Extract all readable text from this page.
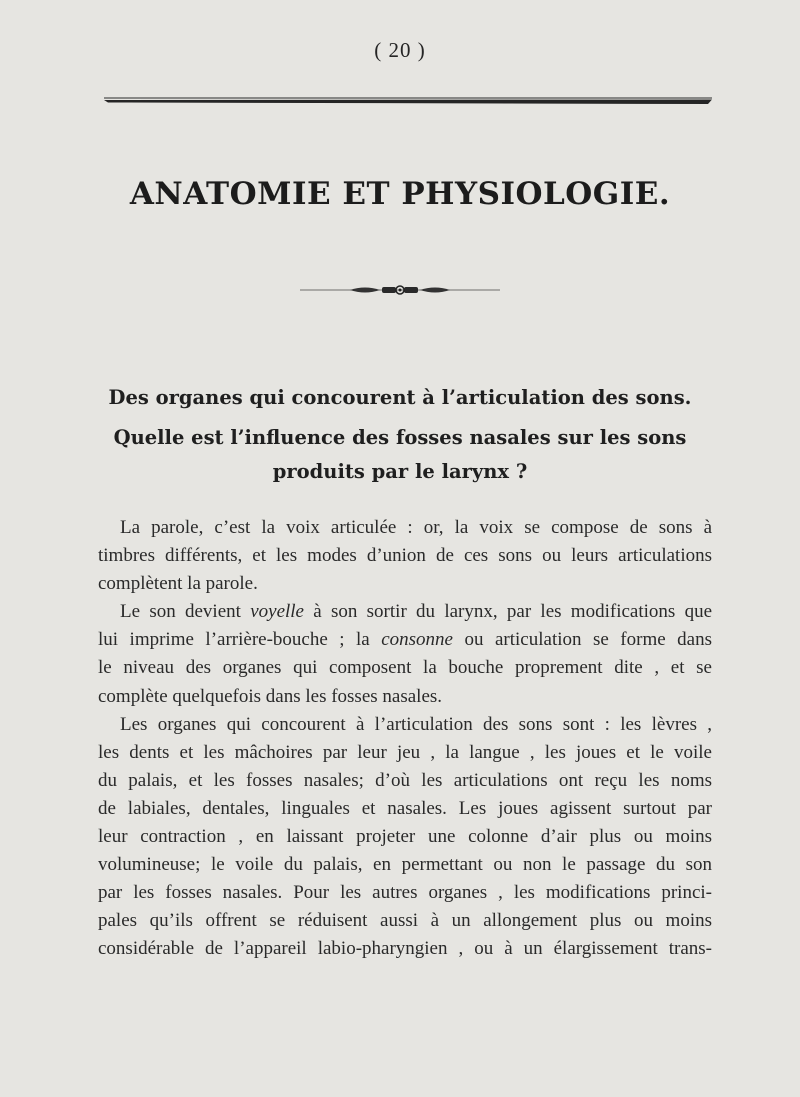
( 20 )
ANATOMIE ET PHYSIOLOGIE.
Des organes qui concourent à l’articulation des sons.
Quelle est l’influence des fosses nasales sur les sons
produits par le larynx ?
La parole, c’est la voix articulée : or, la voix se compose de sons à
timbres différents, et les modes d’union de ces sons ou leurs articulations
complètent la parole.
Le son devient voyelle à son sortir du larynx, par les modifications que
lui imprime l’arrière-bouche ; la consonne ou articulation se forme dans
le niveau des organes qui composent la bouche proprement dite , et se
complète quelquefois dans les fosses nasales.
Les organes qui concourent à l’articulation des sons sont : les lèvres ,
les dents et les mâchoires par leur jeu , la langue , les joues et le voile
du palais, et les fosses nasales; d’où les articulations ont reçu les noms
de labiales, dentales, linguales et nasales. Les joues agissent surtout par
leur contraction , en laissant projeter une colonne d’air plus ou moins
volumineuse; le voile du palais, en permettant ou non le passage du son
par les fosses nasales. Pour les autres organes , les modifications princi-
pales qu’ils offrent se réduisent aussi à un allongement plus ou moins
considérable de l’appareil labio-pharyngien , ou à un élargissement trans-
